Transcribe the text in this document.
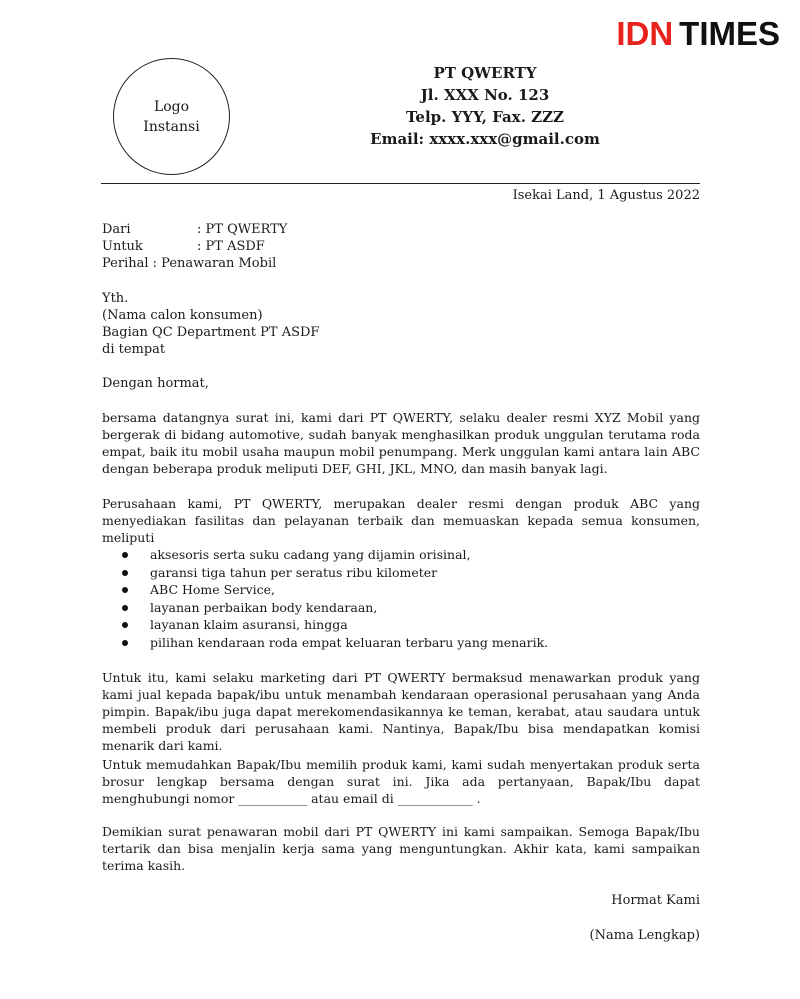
IDN TIMES
Logo
Instansi
PT QWERTY
Jl. XXX No. 123
Telp. YYY, Fax. ZZZ
Email: xxxx.xxx@gmail.com
Isekai Land, 1 Agustus 2022
Dari	: PT QWERTY
Untuk	: PT ASDF
Perihal : Penawaran Mobil
Yth.
(Nama calon konsumen)
Bagian QC Department PT ASDF
di tempat
Dengan hormat,
bersama datangnya surat ini, kami dari PT QWERTY, selaku dealer resmi XYZ Mobil yang bergerak di bidang automotive, sudah banyak menghasilkan produk unggulan terutama roda empat, baik itu mobil usaha maupun mobil penumpang. Merk unggulan kami antara lain ABC dengan beberapa produk meliputi DEF, GHI, JKL, MNO, dan masih banyak lagi.
Perusahaan kami, PT QWERTY, merupakan dealer resmi dengan produk ABC yang menyediakan fasilitas dan pelayanan terbaik dan memuaskan kepada semua konsumen, meliputi
aksesoris serta suku cadang yang dijamin orisinal,
garansi tiga tahun per seratus ribu kilometer
ABC Home Service,
layanan perbaikan body kendaraan,
layanan klaim asuransi, hingga
pilihan kendaraan roda empat keluaran terbaru yang menarik.
Untuk itu, kami selaku marketing dari PT QWERTY bermaksud menawarkan produk yang kami jual kepada bapak/ibu untuk menambah kendaraan operasional perusahaan yang Anda pimpin. Bapak/ibu juga dapat merekomendasikannya ke teman, kerabat, atau saudara untuk membeli produk dari perusahaan kami. Nantinya, Bapak/Ibu bisa mendapatkan komisi menarik dari kami.
Untuk memudahkan Bapak/Ibu memilih produk kami, kami sudah menyertakan produk serta brosur lengkap bersama dengan surat ini. Jika ada pertanyaan, Bapak/Ibu dapat menghubungi nomor ___________ atau email di ____________ .
Demikian surat penawaran mobil dari PT QWERTY ini kami sampaikan. Semoga Bapak/Ibu tertarik dan bisa menjalin kerja sama yang menguntungkan. Akhir kata, kami sampaikan terima kasih.
Hormat Kami
(Nama Lengkap)
